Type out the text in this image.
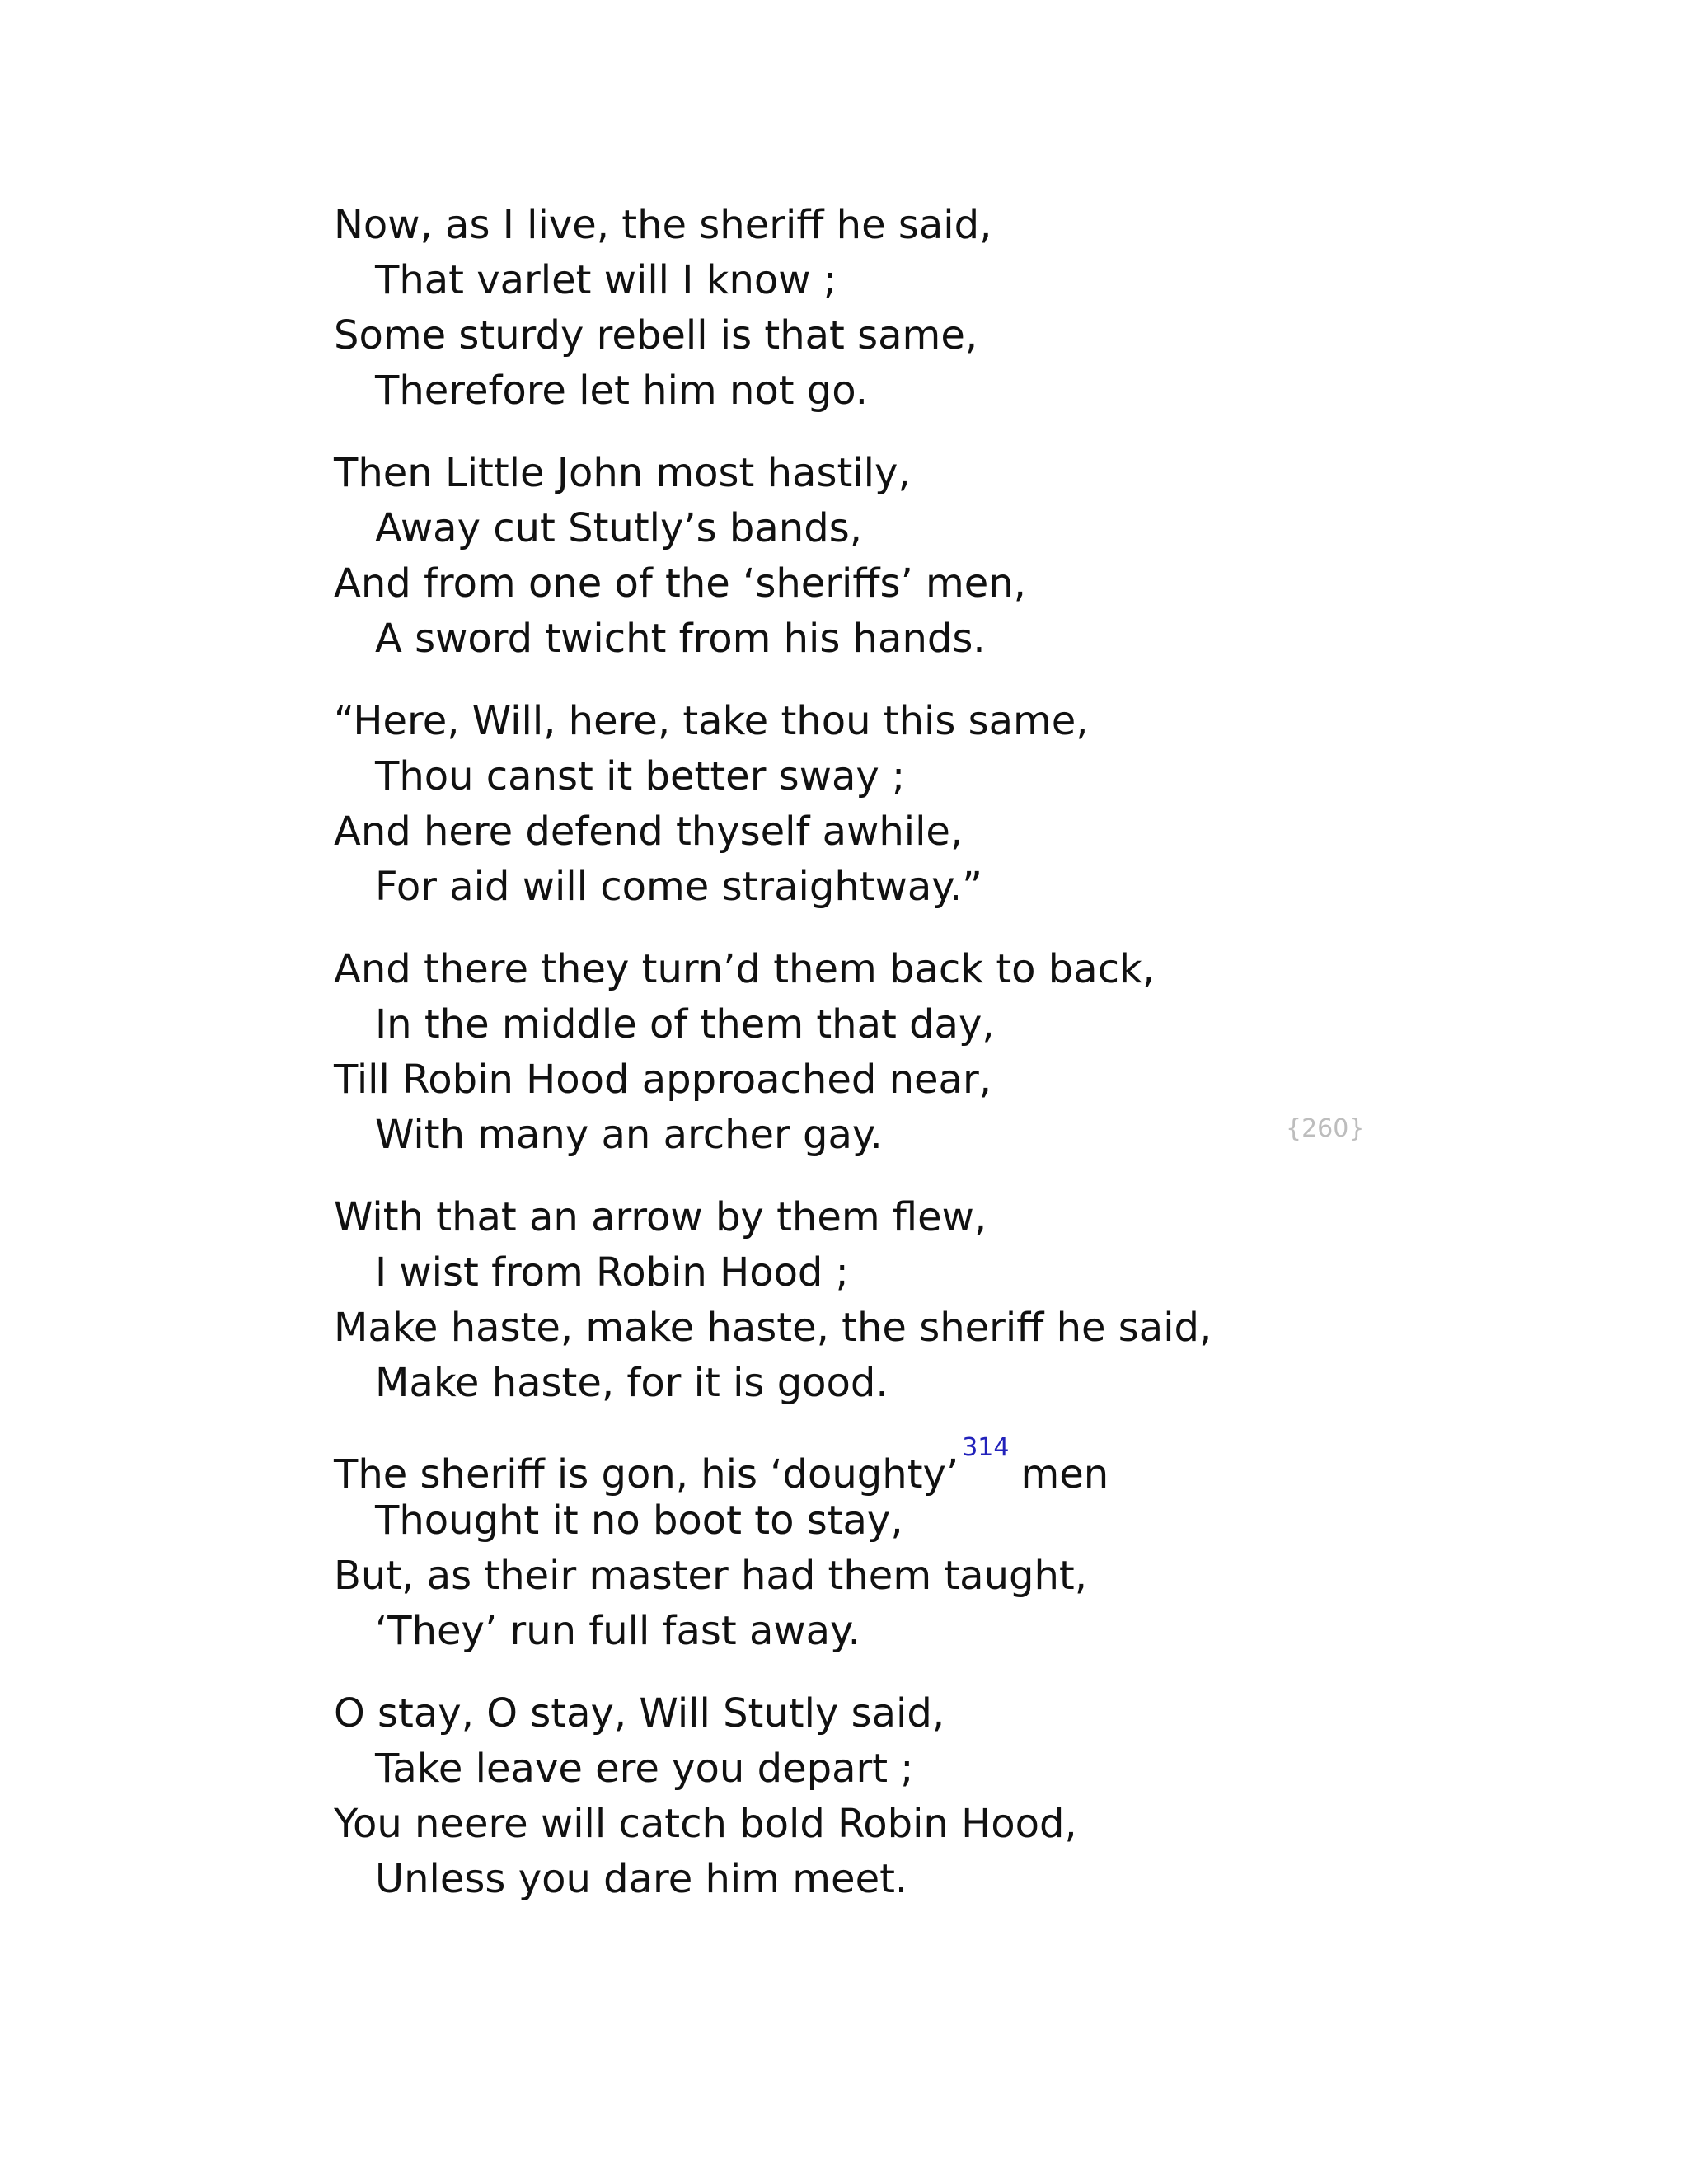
Now, as I live, the sheriff he said,
That varlet will I know ;
Some sturdy rebell is that same,
Therefore let him not go.
Then Little John most hastily,
Away cut Stutly’s bands,
And from one of the ‘sheriffs’ men,
A sword twicht from his hands.
“Here, Will, here, take thou this same,
Thou canst it better sway ;
And here defend thyself awhile,
For aid will come straightway.”
And there they turn’d them back to back,
In the middle of them that day,
Till Robin Hood approached near,
With many an archer gay.
With that an arrow by them flew,
I wist from Robin Hood ;
Make haste, make haste, the sheriff he said,
Make haste, for it is good.
The sheriff is gon, his ‘doughty’$^{314}$men
Thought it no boot to stay,
But, as their master had them taught,
‘They’ run full fast away.
O stay, O stay, Will Stutly said,
Take leave ere you depart ;
You neere will catch bold Robin Hood,
Unless you dare him meet.
{260}
